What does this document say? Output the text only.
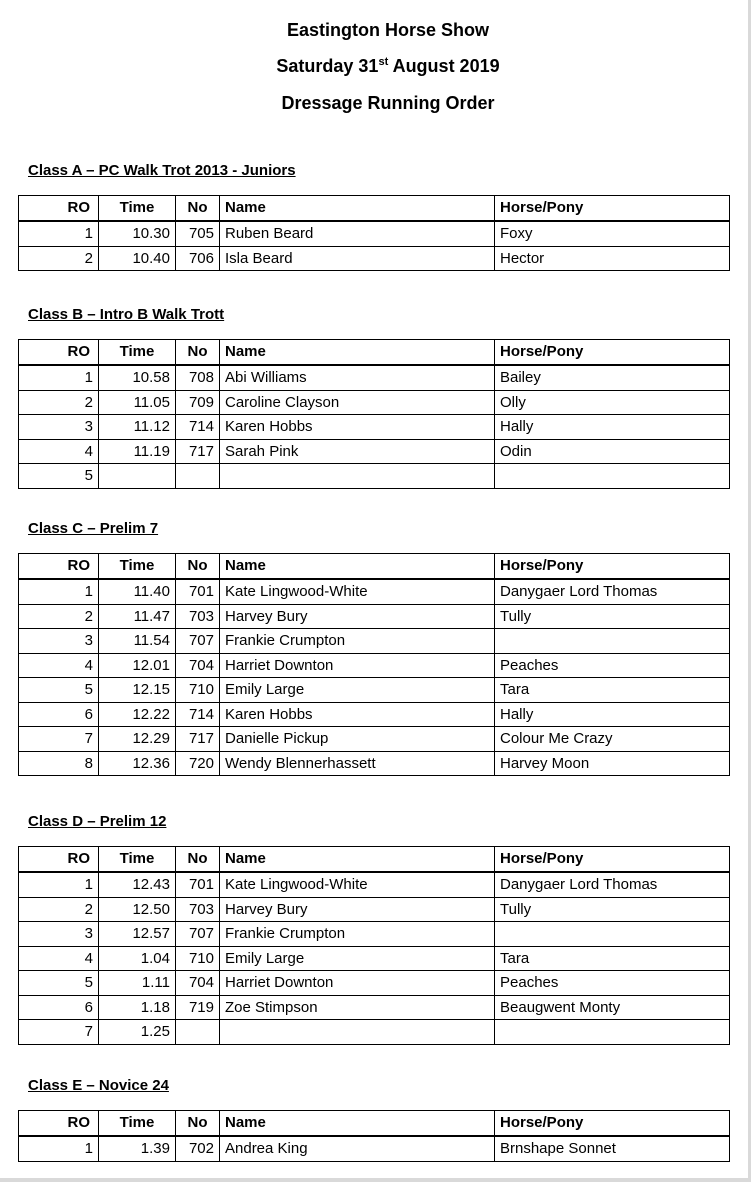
Eastington Horse Show
Saturday 31st August 2019
Dressage Running Order
Class A – PC Walk Trot 2013 - Juniors
RO	Time	No	Name	Horse/Pony
1	10.30	705	Ruben Beard	Foxy
2	10.40	706	Isla Beard	Hector
Class B – Intro B Walk Trott
RO	Time	No	Name	Horse/Pony
1	10.58	708	Abi Williams	Bailey
2	11.05	709	Caroline Clayson	Olly
3	11.12	714	Karen Hobbs	Hally
4	11.19	717	Sarah Pink	Odin
5				
Class C – Prelim 7
RO	Time	No	Name	Horse/Pony
1	11.40	701	Kate Lingwood-White	Danygaer Lord Thomas
2	11.47	703	Harvey Bury	Tully
3	11.54	707	Frankie Crumpton	
4	12.01	704	Harriet Downton	Peaches
5	12.15	710	Emily Large	Tara
6	12.22	714	Karen Hobbs	Hally
7	12.29	717	Danielle Pickup	Colour Me Crazy
8	12.36	720	Wendy Blennerhassett	Harvey Moon
Class D – Prelim 12
RO	Time	No	Name	Horse/Pony
1	12.43	701	Kate Lingwood-White	Danygaer Lord Thomas
2	12.50	703	Harvey Bury	Tully
3	12.57	707	Frankie Crumpton	
4	1.04	710	Emily Large	Tara
5	1.11	704	Harriet Downton	Peaches
6	1.18	719	Zoe Stimpson	Beaugwent Monty
7	1.25			
Class E – Novice 24
RO	Time	No	Name	Horse/Pony
1	1.39	702	Andrea King	Brnshape Sonnet
